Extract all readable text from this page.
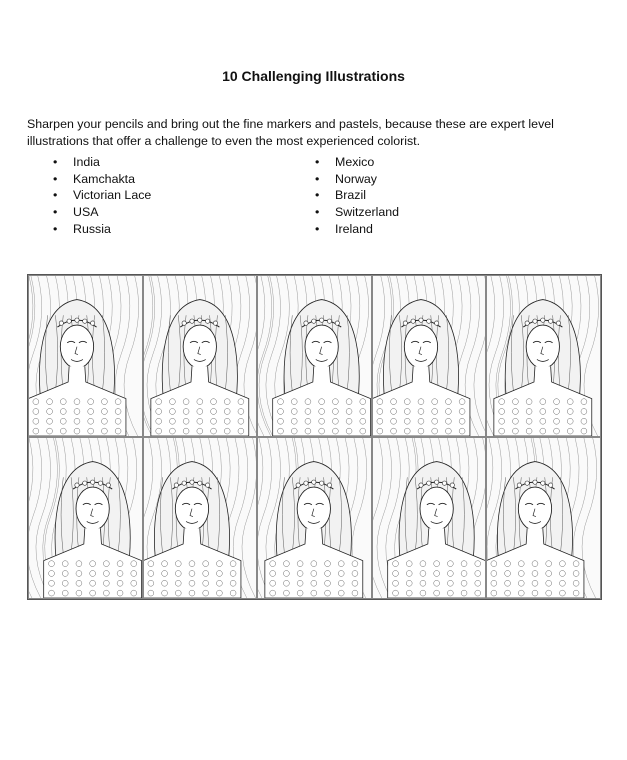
10 Challenging Illustrations

Sharpen your pencils and bring out the fine markers and pastels, because these are expert level illustrations that offer a challenge to even the most experienced colorist.

• India
• Kamchakta
• Victorian Lace
• USA
• Russia
• Mexico
• Norway
• Brazil
• Switzerland
• Ireland
